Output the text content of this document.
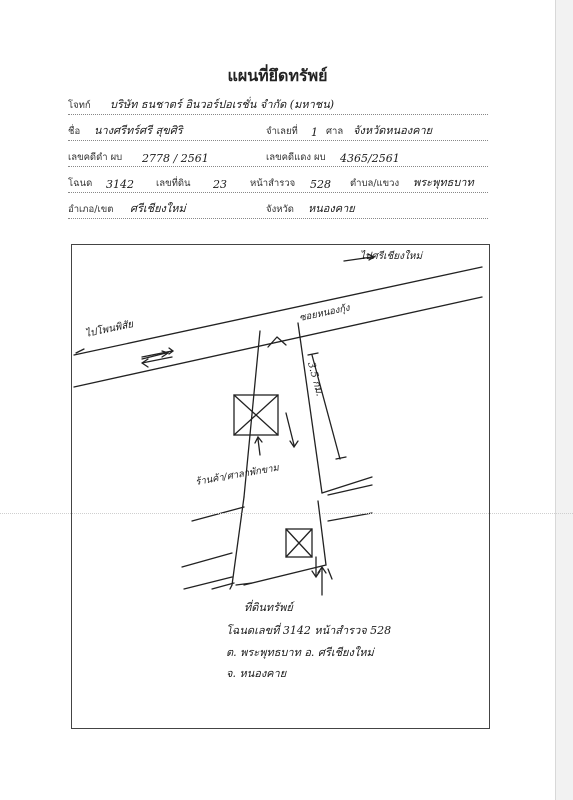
แผนที่ยึดทรัพย์
โจทก์ บริษัท ธนชาตร์ อินวอร์ปอเรชั่น จำกัด (มหาชน)
ชื่อ นางศรีทร์ศรี สุขศิริ	จำเลยที่ 1 ศาล จังหวัดหนองคาย
เลขคดีดำ ผบ 2778 / 2561	เลขคดีแดง ผบ 4365/2561
โฉนด 3142 เลขที่ดิน 23 หน้าสำรวจ 528 ตำบล/แขวง พระพุทธบาท
อำเภอ/เขต ศรีเชียงใหม่	จังหวัด หนองคาย
ไปศรีเชียงใหม่
ไปโพนพิสัย
ซอยหนองกุ้ง
3.5 กม.
ร้านค้า/ศาลาพักขาม
ที่ดินทรัพย์
โฉนดเลขที่ 3142 หน้าสำรวจ 528
ต. พระพุทธบาท อ. ศรีเชียงใหม่
จ. หนองคาย
